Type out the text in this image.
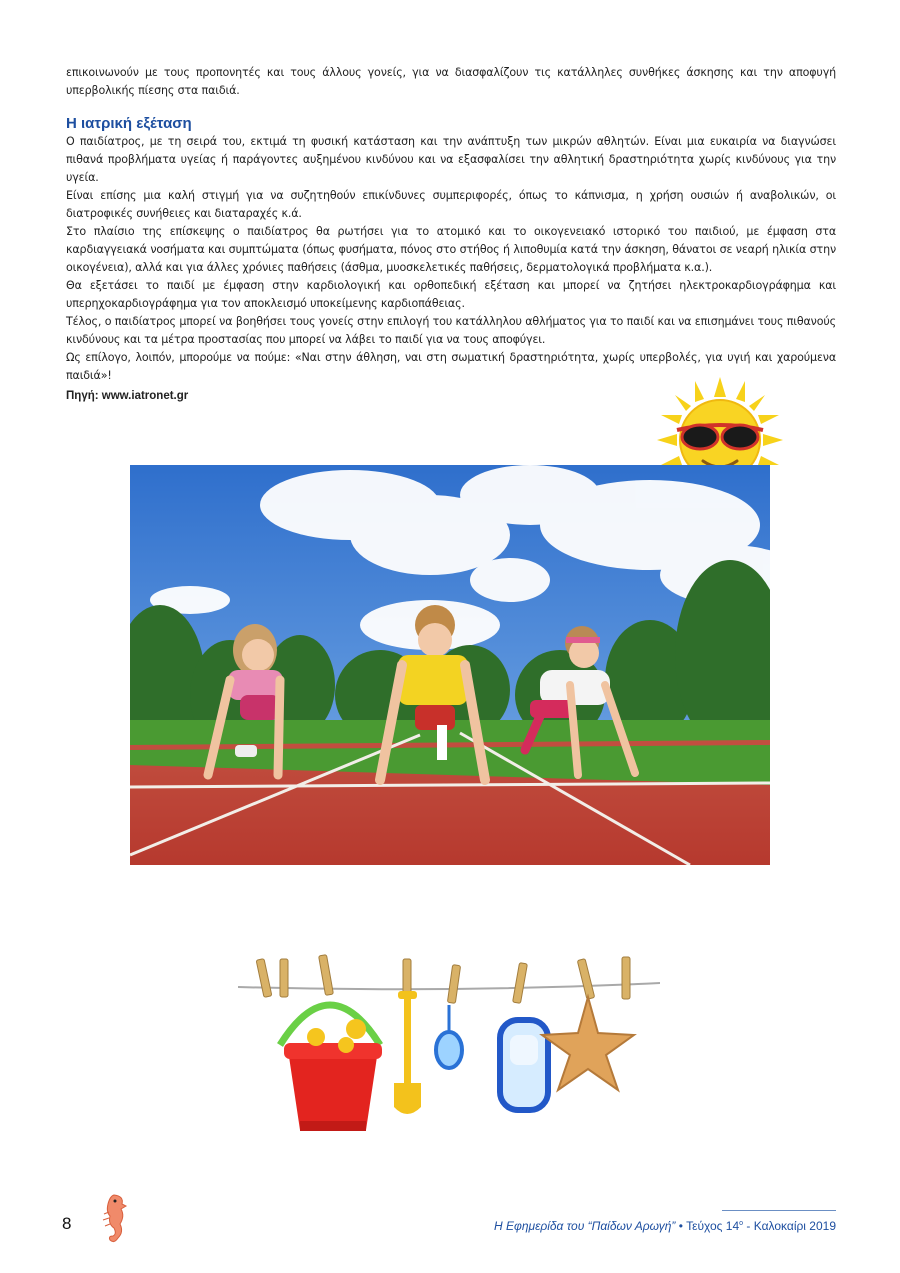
επικοινωνούν με τους προπονητές και τους άλλους γονείς, για να διασφαλίζουν τις κατάλληλες συνθήκες άσκησης και την αποφυγή υπερβολικής πίεσης στα παιδιά.
Η ιατρική εξέταση

Ο παιδίατρος, με τη σειρά του, εκτιμά τη φυσική κατάσταση και την ανάπτυξη των μικρών αθλητών. Είναι μια ευκαιρία να διαγνώσει πιθανά προβλήματα υγείας ή παράγοντες αυξημένου κινδύνου και να εξασφαλίσει την αθλητική δραστηριότητα χωρίς κινδύνους για την υγεία.

Είναι επίσης μια καλή στιγμή για να συζητηθούν επικίνδυνες συμπεριφορές, όπως το κάπνισμα, η χρήση ουσιών ή αναβολικών, οι διατροφικές συνήθειες και διαταραχές κ.ά.

Στο πλαίσιο της επίσκεψης ο παιδίατρος θα ρωτήσει για το ατομικό και το οικογενειακό ιστορικό του παιδιού, με έμφαση στα καρδιαγγειακά νοσήματα και συμπτώματα (όπως φυσήματα, πόνος στο στήθος ή λιποθυμία κατά την άσκηση, θάνατοι σε νεαρή ηλικία στην οικογένεια), αλλά και για άλλες χρόνιες παθήσεις (άσθμα, μυοσκελετικές παθήσεις, δερματολογικά προβλήματα κ.α.).

Θα εξετάσει το παιδί με έμφαση στην καρδιολογική και ορθοπεδική εξέταση και μπορεί να ζητήσει ηλεκτροκαρδιογράφημα και υπερηχοκαρδιογράφημα για τον αποκλεισμό υποκείμενης καρδιοπάθειας.

Τέλος, ο παιδίατρος μπορεί να βοηθήσει τους γονείς στην επιλογή του κατάλληλου αθλήματος για το παιδί και να επισημάνει τους πιθανούς κινδύνους και τα μέτρα προστασίας που μπορεί να λάβει το παιδί για να τους αποφύγει.

Ως επίλογο, λοιπόν, μπορούμε να πούμε: «Ναι στην άθληση, ναι στη σωματική δραστηριότητα, χωρίς υπερβολές, για υγιή και χαρούμενα παιδιά»!

Πηγή: www.iatronet.gr
8	Η Εφημερίδα του “Παίδων Αρωγή” • Τεύχος $14^o$ - Καλοκαίρι 2019
